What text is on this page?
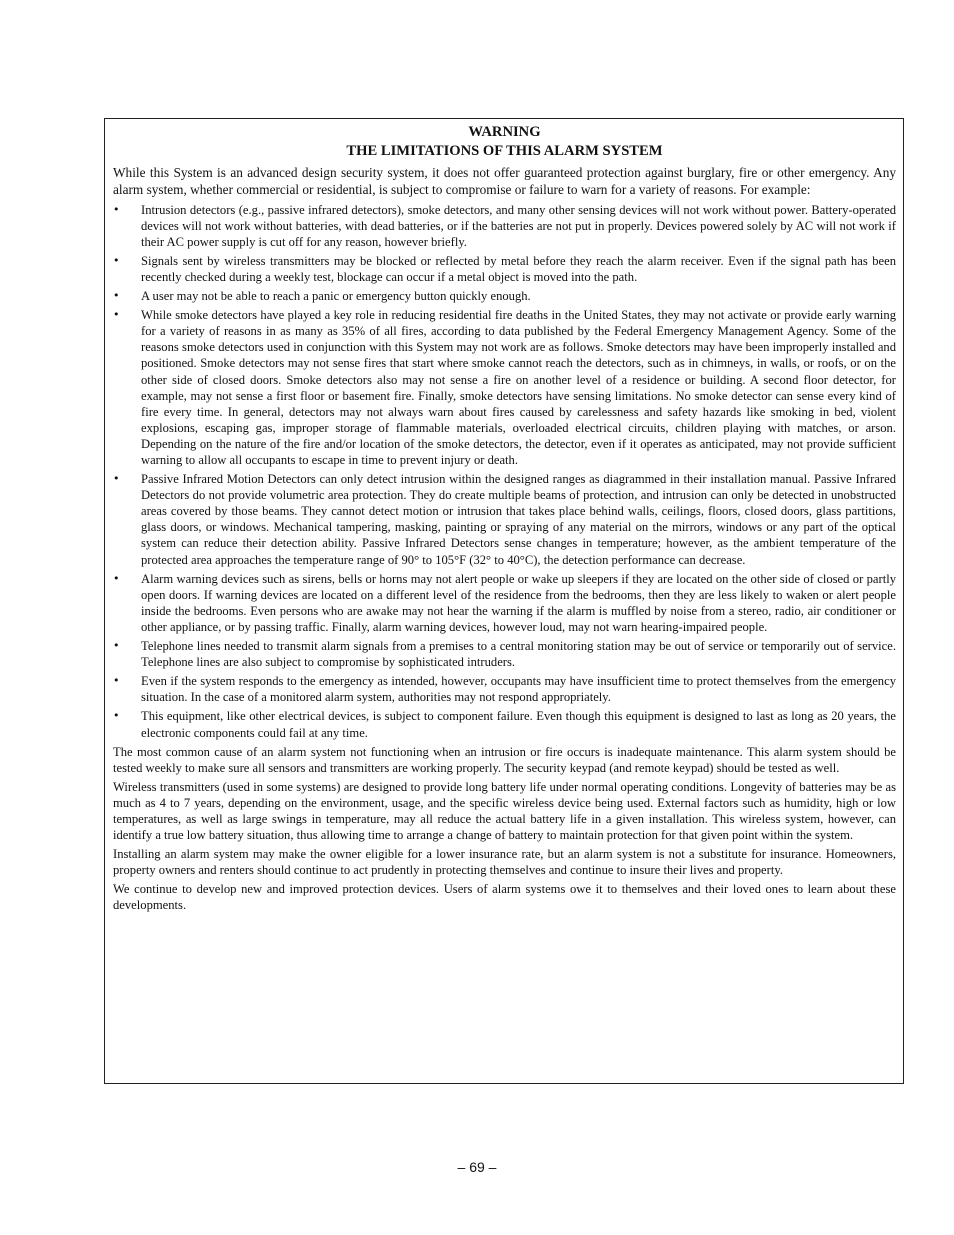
WARNING

THE LIMITATIONS OF THIS ALARM SYSTEM

While this System is an advanced design security system, it does not offer guaranteed protection against burglary, fire or other emergency. Any alarm system, whether commercial or residential, is subject to compromise or failure to warn for a variety of reasons. For example:

• Intrusion detectors (e.g., passive infrared detectors), smoke detectors, and many other sensing devices will not work without power. Battery-operated devices will not work without batteries, with dead batteries, or if the batteries are not put in properly. Devices powered solely by AC will not work if their AC power supply is cut off for any reason, however briefly.
• Signals sent by wireless transmitters may be blocked or reflected by metal before they reach the alarm receiver. Even if the signal path has been recently checked during a weekly test, blockage can occur if a metal object is moved into the path.
• A user may not be able to reach a panic or emergency button quickly enough.
• While smoke detectors have played a key role in reducing residential fire deaths in the United States, they may not activate or provide early warning for a variety of reasons in as many as 35% of all fires, according to data published by the Federal Emergency Management Agency. Some of the reasons smoke detectors used in conjunction with this System may not work are as follows. Smoke detectors may have been improperly installed and positioned. Smoke detectors may not sense fires that start where smoke cannot reach the detectors, such as in chimneys, in walls, or roofs, or on the other side of closed doors. Smoke detectors also may not sense a fire on another level of a residence or building. A second floor detector, for example, may not sense a first floor or basement fire. Finally, smoke detectors have sensing limitations. No smoke detector can sense every kind of fire every time. In general, detectors may not always warn about fires caused by carelessness and safety hazards like smoking in bed, violent explosions, escaping gas, improper storage of flammable materials, overloaded electrical circuits, children playing with matches, or arson. Depending on the nature of the fire and/or location of the smoke detectors, the detector, even if it operates as anticipated, may not provide sufficient warning to allow all occupants to escape in time to prevent injury or death.
• Passive Infrared Motion Detectors can only detect intrusion within the designed ranges as diagrammed in their installation manual. Passive Infrared Detectors do not provide volumetric area protection. They do create multiple beams of protection, and intrusion can only be detected in unobstructed areas covered by those beams. They cannot detect motion or intrusion that takes place behind walls, ceilings, floors, closed doors, glass partitions, glass doors, or windows. Mechanical tampering, masking, painting or spraying of any material on the mirrors, windows or any part of the optical system can reduce their detection ability. Passive Infrared Detectors sense changes in temperature; however, as the ambient temperature of the protected area approaches the temperature range of 90° to 105°F (32° to 40°C), the detection performance can decrease.
• Alarm warning devices such as sirens, bells or horns may not alert people or wake up sleepers if they are located on the other side of closed or partly open doors. If warning devices are located on a different level of the residence from the bedrooms, then they are less likely to waken or alert people inside the bedrooms. Even persons who are awake may not hear the warning if the alarm is muffled by noise from a stereo, radio, air conditioner or other appliance, or by passing traffic. Finally, alarm warning devices, however loud, may not warn hearing-impaired people.
• Telephone lines needed to transmit alarm signals from a premises to a central monitoring station may be out of service or temporarily out of service. Telephone lines are also subject to compromise by sophisticated intruders.
• Even if the system responds to the emergency as intended, however, occupants may have insufficient time to protect themselves from the emergency situation. In the case of a monitored alarm system, authorities may not respond appropriately.
• This equipment, like other electrical devices, is subject to component failure. Even though this equipment is designed to last as long as 20 years, the electronic components could fail at any time.

The most common cause of an alarm system not functioning when an intrusion or fire occurs is inadequate maintenance. This alarm system should be tested weekly to make sure all sensors and transmitters are working properly. The security keypad (and remote keypad) should be tested as well.

Wireless transmitters (used in some systems) are designed to provide long battery life under normal operating conditions. Longevity of batteries may be as much as 4 to 7 years, depending on the environment, usage, and the specific wireless device being used. External factors such as humidity, high or low temperatures, as well as large swings in temperature, may all reduce the actual battery life in a given installation. This wireless system, however, can identify a true low battery situation, thus allowing time to arrange a change of battery to maintain protection for that given point within the system.

Installing an alarm system may make the owner eligible for a lower insurance rate, but an alarm system is not a substitute for insurance. Homeowners, property owners and renters should continue to act prudently in protecting themselves and continue to insure their lives and property.

We continue to develop new and improved protection devices. Users of alarm systems owe it to themselves and their loved ones to learn about these developments.

– 69 –
